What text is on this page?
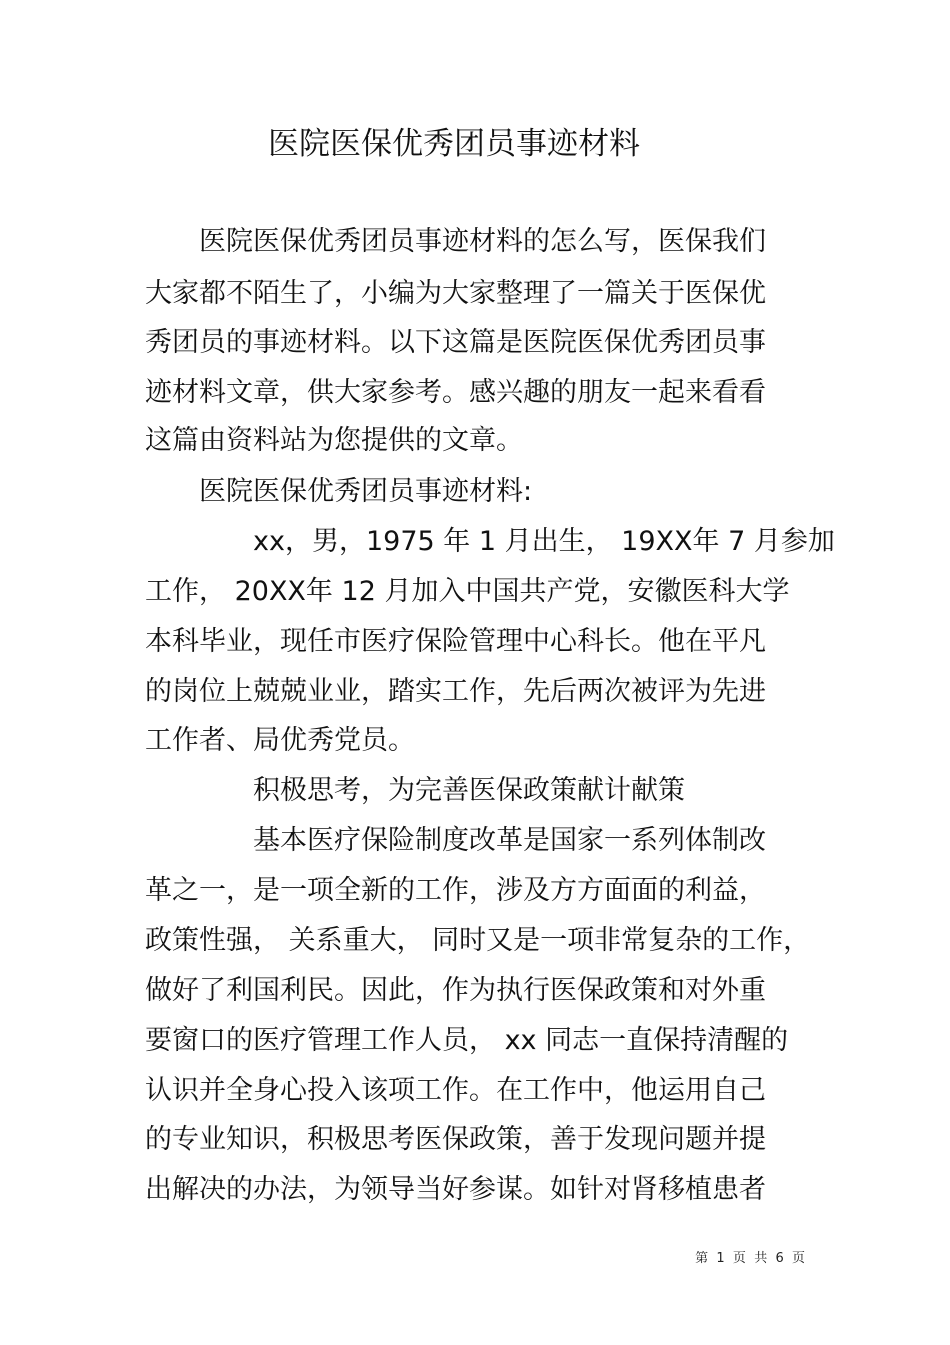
医院医保优秀团员事迹材料
　　医院医保优秀团员事迹材料的怎么写，医保我们
大家都不陌生了，小编为大家整理了一篇关于医保优
秀团员的事迹材料。以下这篇是医院医保优秀团员事
迹材料文章，供大家参考。感兴趣的朋友一起来看看
这篇由资料站为您提供的文章。
　　医院医保优秀团员事迹材料:
　　　　xx，男，1975 年 1 月出生， 19XX年 7 月参加
工作， 20XX年 12 月加入中国共产党，安徽医科大学
本科毕业，现任市医疗保险管理中心科长。他在平凡
的岗位上兢兢业业，踏实工作，先后两次被评为先进
工作者、局优秀党员。
　　　　积极思考，为完善医保政策献计献策
　　　　基本医疗保险制度改革是国家一系列体制改
革之一，是一项全新的工作，涉及方方面面的利益，
政策性强， 关系重大， 同时又是一项非常复杂的工作，
做好了利国利民。因此，作为执行医保政策和对外重
要窗口的医疗管理工作人员， xx 同志一直保持清醒的
认识并全身心投入该项工作。在工作中，他运用自己
的专业知识，积极思考医保政策，善于发现问题并提
出解决的办法，为领导当好参谋。如针对肾移植患者
第  1  页  共  6  页
